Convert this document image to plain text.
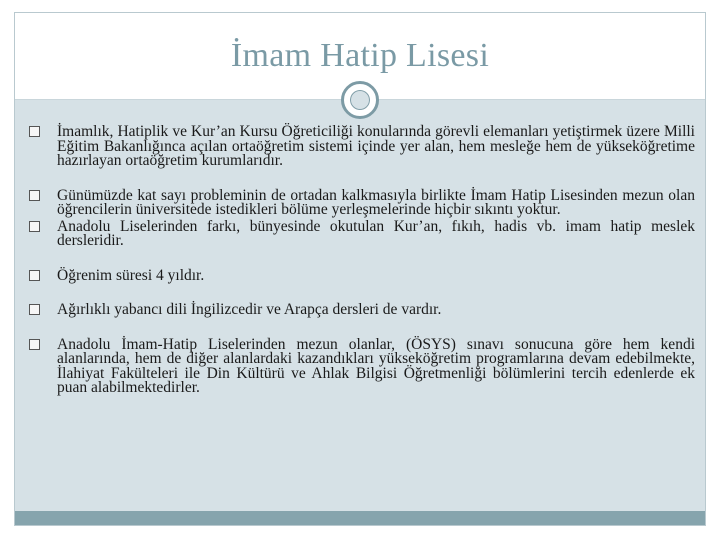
İmam Hatip Lisesi
İmamlık, Hatiplik ve Kur’an Kursu Öğreticiliği konularında görevli elemanları yetiştirmek üzere Milli Eğitim Bakanlığınca açılan ortaöğretim sistemi içinde yer alan, hem mesleğe hem de yükseköğretime hazırlayan ortaöğretim kurumlarıdır.
Günümüzde kat sayı probleminin de ortadan kalkmasıyla birlikte İmam Hatip Lisesinden mezun olan öğrencilerin üniversitede istedikleri bölüme yerleşmelerinde hiçbir sıkıntı yoktur.
Anadolu Liselerinden farkı, bünyesinde okutulan Kur’an, fıkıh, hadis vb. imam hatip meslek dersleridir.
Öğrenim süresi 4 yıldır.
Ağırlıklı yabancı dili İngilizcedir ve Arapça dersleri de vardır.
Anadolu İmam-Hatip Liselerinden mezun olanlar, (ÖSYS) sınavı sonucuna göre hem kendi alanlarında, hem de diğer alanlardaki kazandıkları yükseköğretim programlarına devam edebilmekte, İlahiyat Fakülteleri ile Din Kültürü ve Ahlak Bilgisi Öğretmenliği bölümlerini tercih edenlerde ek puan alabilmektedirler.
